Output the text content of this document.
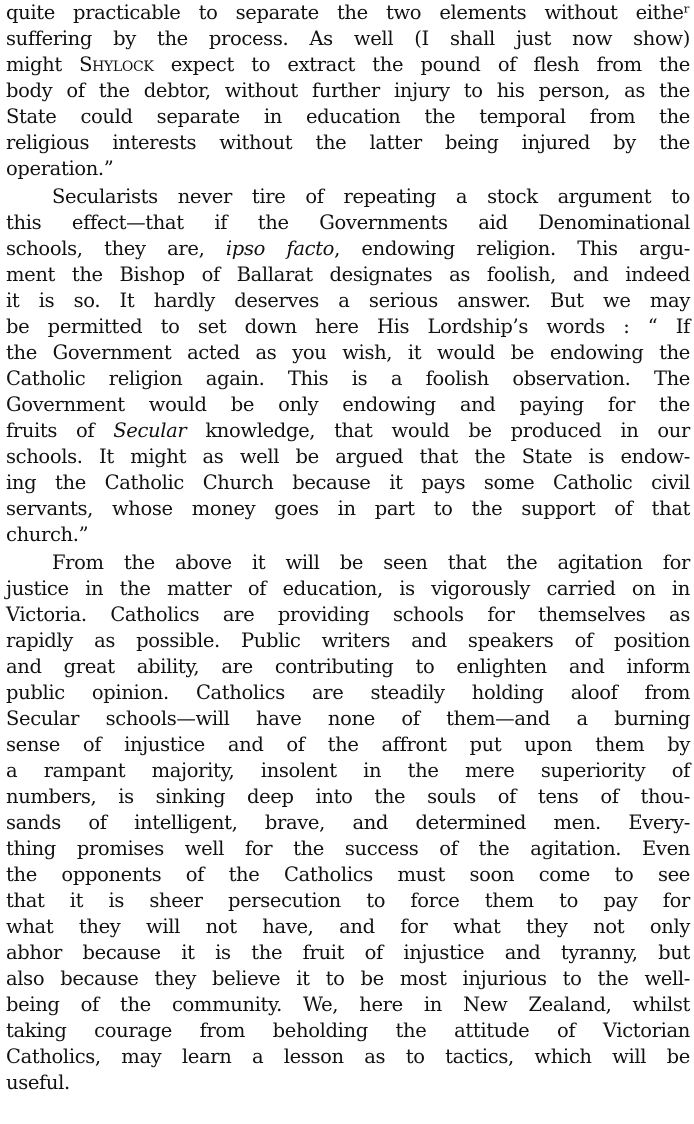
quite practicable to separate the two elements without eitheʳ
suffering by the process. As well (I shall just now show)
might Shylock expect to extract the pound of flesh from the
body of the debtor, without further injury to his person, as the
State could separate in education the temporal from the
religious interests without the latter being injured by the
operation.”
Secularists never tire of repeating a stock argument to
this effect—that if the Governments aid Denominational
schools, they are, ipso facto, endowing religion. This argu-
ment the Bishop of Ballarat designates as foolish, and indeed
it is so. It hardly deserves a serious answer. But we may
be permitted to set down here His Lordship’s words : “ If
the Government acted as you wish, it would be endowing the
Catholic religion again. This is a foolish observation. The
Government would be only endowing and paying for the
fruits of Secular knowledge, that would be produced in our
schools. It might as well be argued that the State is endow-
ing the Catholic Church because it pays some Catholic civil
servants, whose money goes in part to the support of that
church.”
From the above it will be seen that the agitation for
justice in the matter of education, is vigorously carried on in
Victoria. Catholics are providing schools for themselves as
rapidly as possible. Public writers and speakers of position
and great ability, are contributing to enlighten and inform
public opinion. Catholics are steadily holding aloof from
Secular schools—will have none of them—and a burning
sense of injustice and of the affront put upon them by
a rampant majority, insolent in the mere superiority of
numbers, is sinking deep into the souls of tens of thou-
sands of intelligent, brave, and determined men. Every-
thing promises well for the success of the agitation. Even
the opponents of the Catholics must soon come to see
that it is sheer persecution to force them to pay for
what they will not have, and for what they not only
abhor because it is the fruit of injustice and tyranny, but
also because they believe it to be most injurious to the well-
being of the community. We, here in New Zealand, whilst
taking courage from beholding the attitude of Victorian
Catholics, may learn a lesson as to tactics, which will be
useful.
